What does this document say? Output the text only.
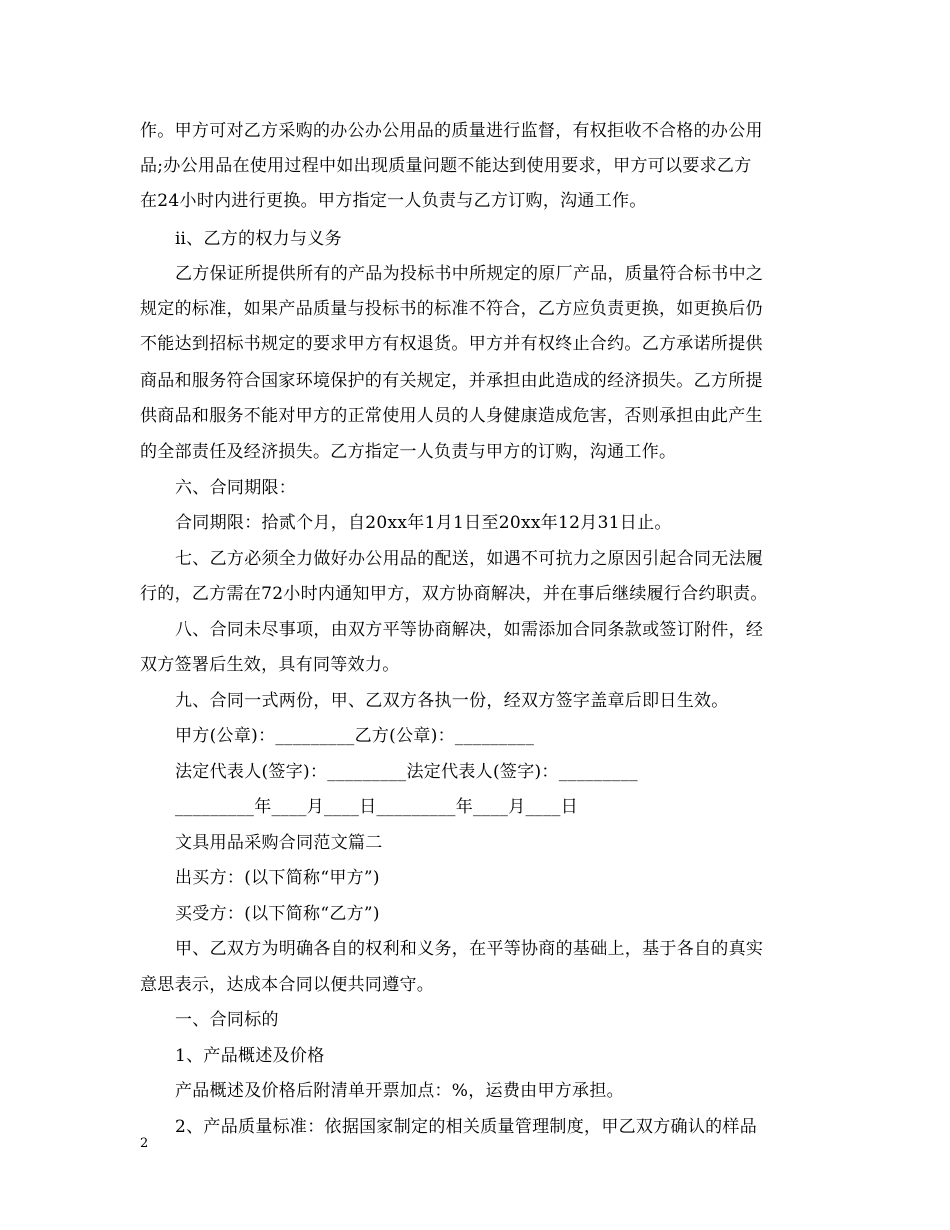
作。甲方可对乙方采购的办公办公用品的质量进行监督，有权拒收不合格的办公用
品;办公用品在使用过程中如出现质量问题不能达到使用要求，甲方可以要求乙方
在24小时内进行更换。甲方指定一人负责与乙方订购，沟通工作。
ⅱ、乙方的权力与义务
乙方保证所提供所有的产品为投标书中所规定的原厂产品，质量符合标书中之
规定的标准，如果产品质量与投标书的标准不符合，乙方应负责更换，如更换后仍
不能达到招标书规定的要求甲方有权退货。甲方并有权终止合约。乙方承诺所提供
商品和服务符合国家环境保护的有关规定，并承担由此造成的经济损失。乙方所提
供商品和服务不能对甲方的正常使用人员的人身健康造成危害，否则承担由此产生
的全部责任及经济损失。乙方指定一人负责与甲方的订购，沟通工作。
六、合同期限：
合同期限：拾贰个月，自20xx年1月1日至20xx年12月31日止。
七、乙方必须全力做好办公用品的配送，如遇不可抗力之原因引起合同无法履
行的，乙方需在72小时内通知甲方，双方协商解决，并在事后继续履行合约职责。
八、合同未尽事项，由双方平等协商解决，如需添加合同条款或签订附件，经
双方签署后生效，具有同等效力。
九、合同一式两份，甲、乙双方各执一份，经双方签字盖章后即日生效。
甲方(公章)：_________乙方(公章)：_________
法定代表人(签字)：_________法定代表人(签字)：_________
_________年____月____日_________年____月____日
文具用品采购合同范文篇二
出买方：(以下简称“甲方”)
买受方：(以下简称“乙方”)
甲、乙双方为明确各自的权利和义务，在平等协商的基础上，基于各自的真实
意思表示，达成本合同以便共同遵守。
一、合同标的
1、产品概述及价格
产品概述及价格后附清单开票加点：%，运费由甲方承担。
2、产品质量标准：依据国家制定的相关质量管理制度，甲乙双方确认的样品
2
